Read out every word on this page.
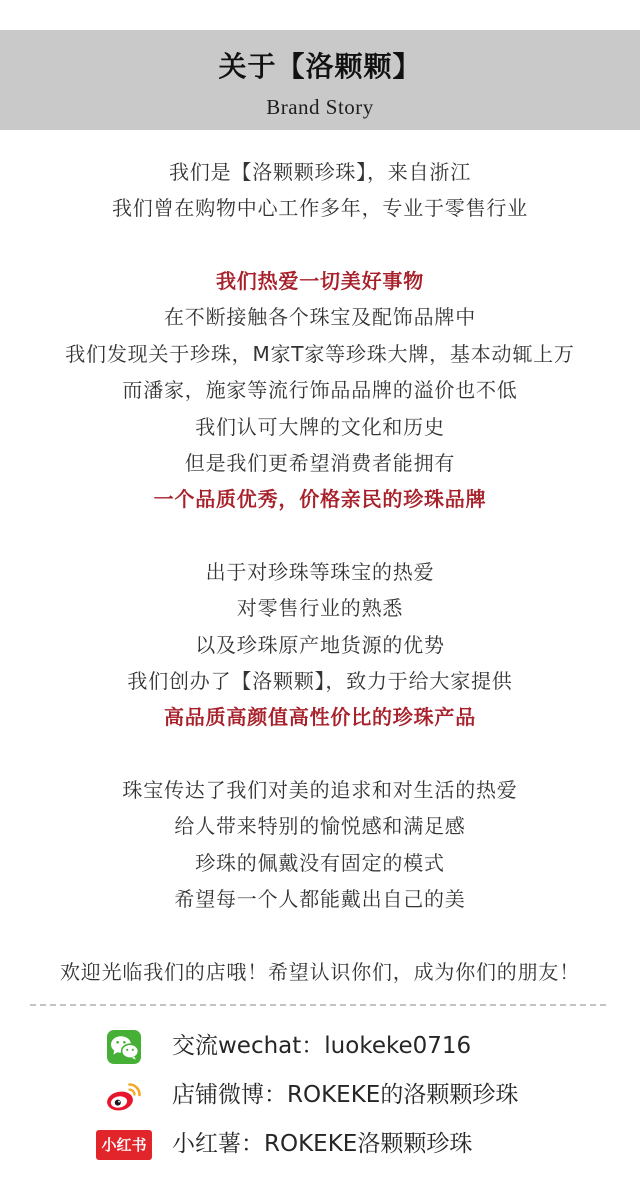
关于【洛颗颗】
Brand Story
我们是【洛颗颗珍珠】，来自浙江
我们曾在购物中心工作多年，专业于零售行业
我们热爱一切美好事物
在不断接触各个珠宝及配饰品牌中
我们发现关于珍珠，M家T家等珍珠大牌，基本动辄上万
而潘家，施家等流行饰品品牌的溢价也不低
我们认可大牌的文化和历史
但是我们更希望消费者能拥有
一个品质优秀，价格亲民的珍珠品牌
出于对珍珠等珠宝的热爱
对零售行业的熟悉
以及珍珠原产地货源的优势
我们创办了【洛颗颗】，致力于给大家提供
高品质高颜值高性价比的珍珠产品
珠宝传达了我们对美的追求和对生活的热爱
给人带来特别的愉悦感和满足感
珍珠的佩戴没有固定的模式
希望每一个人都能戴出自己的美
欢迎光临我们的店哦！希望认识你们，成为你们的朋友！
交流wechat：luokeke0716
店铺微博：ROKEKE的洛颗颗珍珠
小红书 小红薯：ROKEKE洛颗颗珍珠
